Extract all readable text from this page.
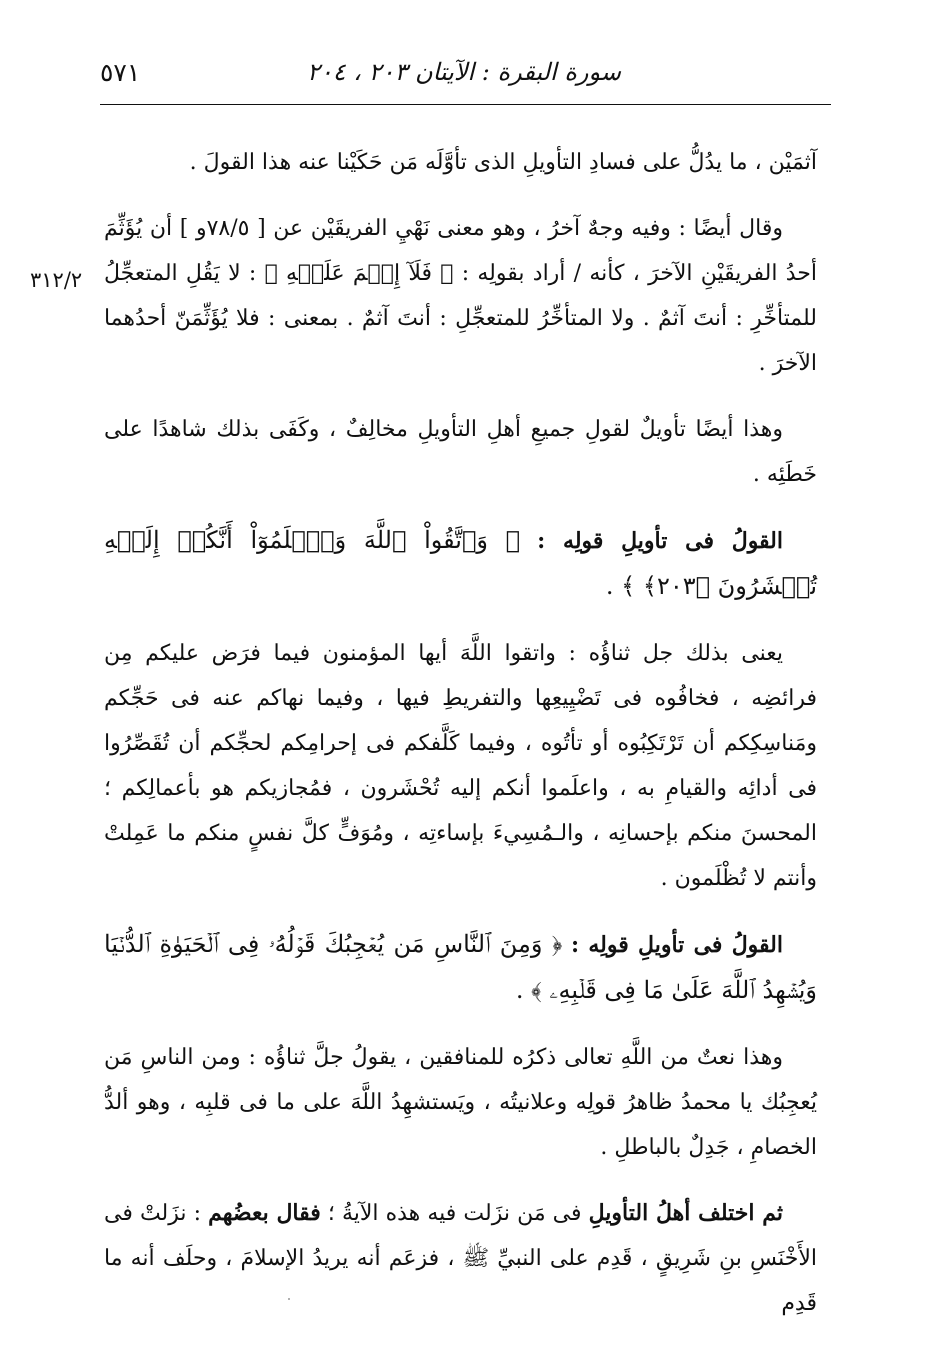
٥٧١	سورة البقرة : الآيتان ٢٠٣ ، ٢٠٤
٣١٢/٢

آثمَيْن ، ما يدُلُّ على فسادِ التأويلِ الذى تأوَّلَه مَن حَكَيْنا عنه هذا القولَ .

وقال أيضًا : وفيه وجهٌ آخرُ ، وهو معنى نَهْيِ الفريقَيْن عن [ ٧٨/٥و ] أن يُؤَثِّمَ أحدُ الفريقَيْنِ الآخرَ ، كأنه / أراد بقولِه : ﴿ فَلَآ إِثۡمَ عَلَيۡهِ ﴾ : لا يَقُلِ المتعجِّلُ للمتأخِّرِ : أنتَ آثمٌ . ولا المتأخِّرُ للمتعجِّلِ : أنتَ آثمٌ . بمعنى : فلا يُؤَثِّمَنّ أحدُهما الآخرَ .

وهذا أيضًا تأويلٌ لقولِ جميعِ أهلِ التأويلِ مخالِفٌ ، وكَفَى بذلك شاهدًا على خَطَئِه .

القولُ فى تأويلِ قولِه : ﴿ وَٱتَّقُواْ ٱللَّهَ وَٱعۡلَمُوٓاْ أَنَّكُمۡ إِلَيۡهِ تُحۡشَرُونَ ﴿٢٠٣﴾ ﴾ .

يعنى بذلك جل ثناؤُه : واتقوا اللَّهَ أيها المؤمنون فيما فرَض عليكم مِن فرائضِه ، فخافُوه فى تَضْيِيعِها والتفريطِ فيها ، وفيما نهاكم عنه فى حَجِّكم ومَناسِكِكم أن تَرْتَكِبُوه أو تأتُوه ، وفيما كَلَّفكم فى إحرامِكم لحجِّكم أن تُقَصِّرُوا فى أدائِه والقيامِ به ، واعلَموا أنكم إليه تُحْشَرون ، فمُجازيكم هو بأعمالِكم ؛ المحسنَ منكم بإحسانِه ، والـمُسِيءَ بإساءتِه ، ومُوَفٍّ كلَّ نفسٍ منكم ما عَمِلتْ وأنتم لا تُظْلَمون .

القولُ فى تأويلِ قولِه : ﴿ وَمِنَ ٱلنَّاسِ مَن يُعۡجِبُكَ قَوۡلُهُۥ فِى ٱلۡحَيَوٰةِ ٱلدُّنۡيَا وَيُشۡهِدُ ٱللَّهَ عَلَىٰ مَا فِى قَلۡبِهِۦ ﴾ .

وهذا نعتٌ من اللَّهِ تعالى ذكرُه للمنافقين ، يقولُ جلَّ ثناؤُه : ومن الناسِ مَن يُعجِبُك يا محمدُ ظاهرُ قولِه وعلانيتُه ، ويَستشهِدُ اللَّهَ على ما فى قلبِه ، وهو ألدُّ الخصامِ ، جَدِلٌ بالباطلِ .

ثم اختلف أهلُ التأويلِ فى مَن نزَلت فيه هذه الآيةُ ؛ فقال بعضُهم : نزَلتْ فى الأَخْنَسِ بنِ شَرِيقٍ ، قَدِم على النبيِّ ﷺ ، فزعَم أنه يريدُ الإسلامَ ، وحلَف أنه ما قَدِم
